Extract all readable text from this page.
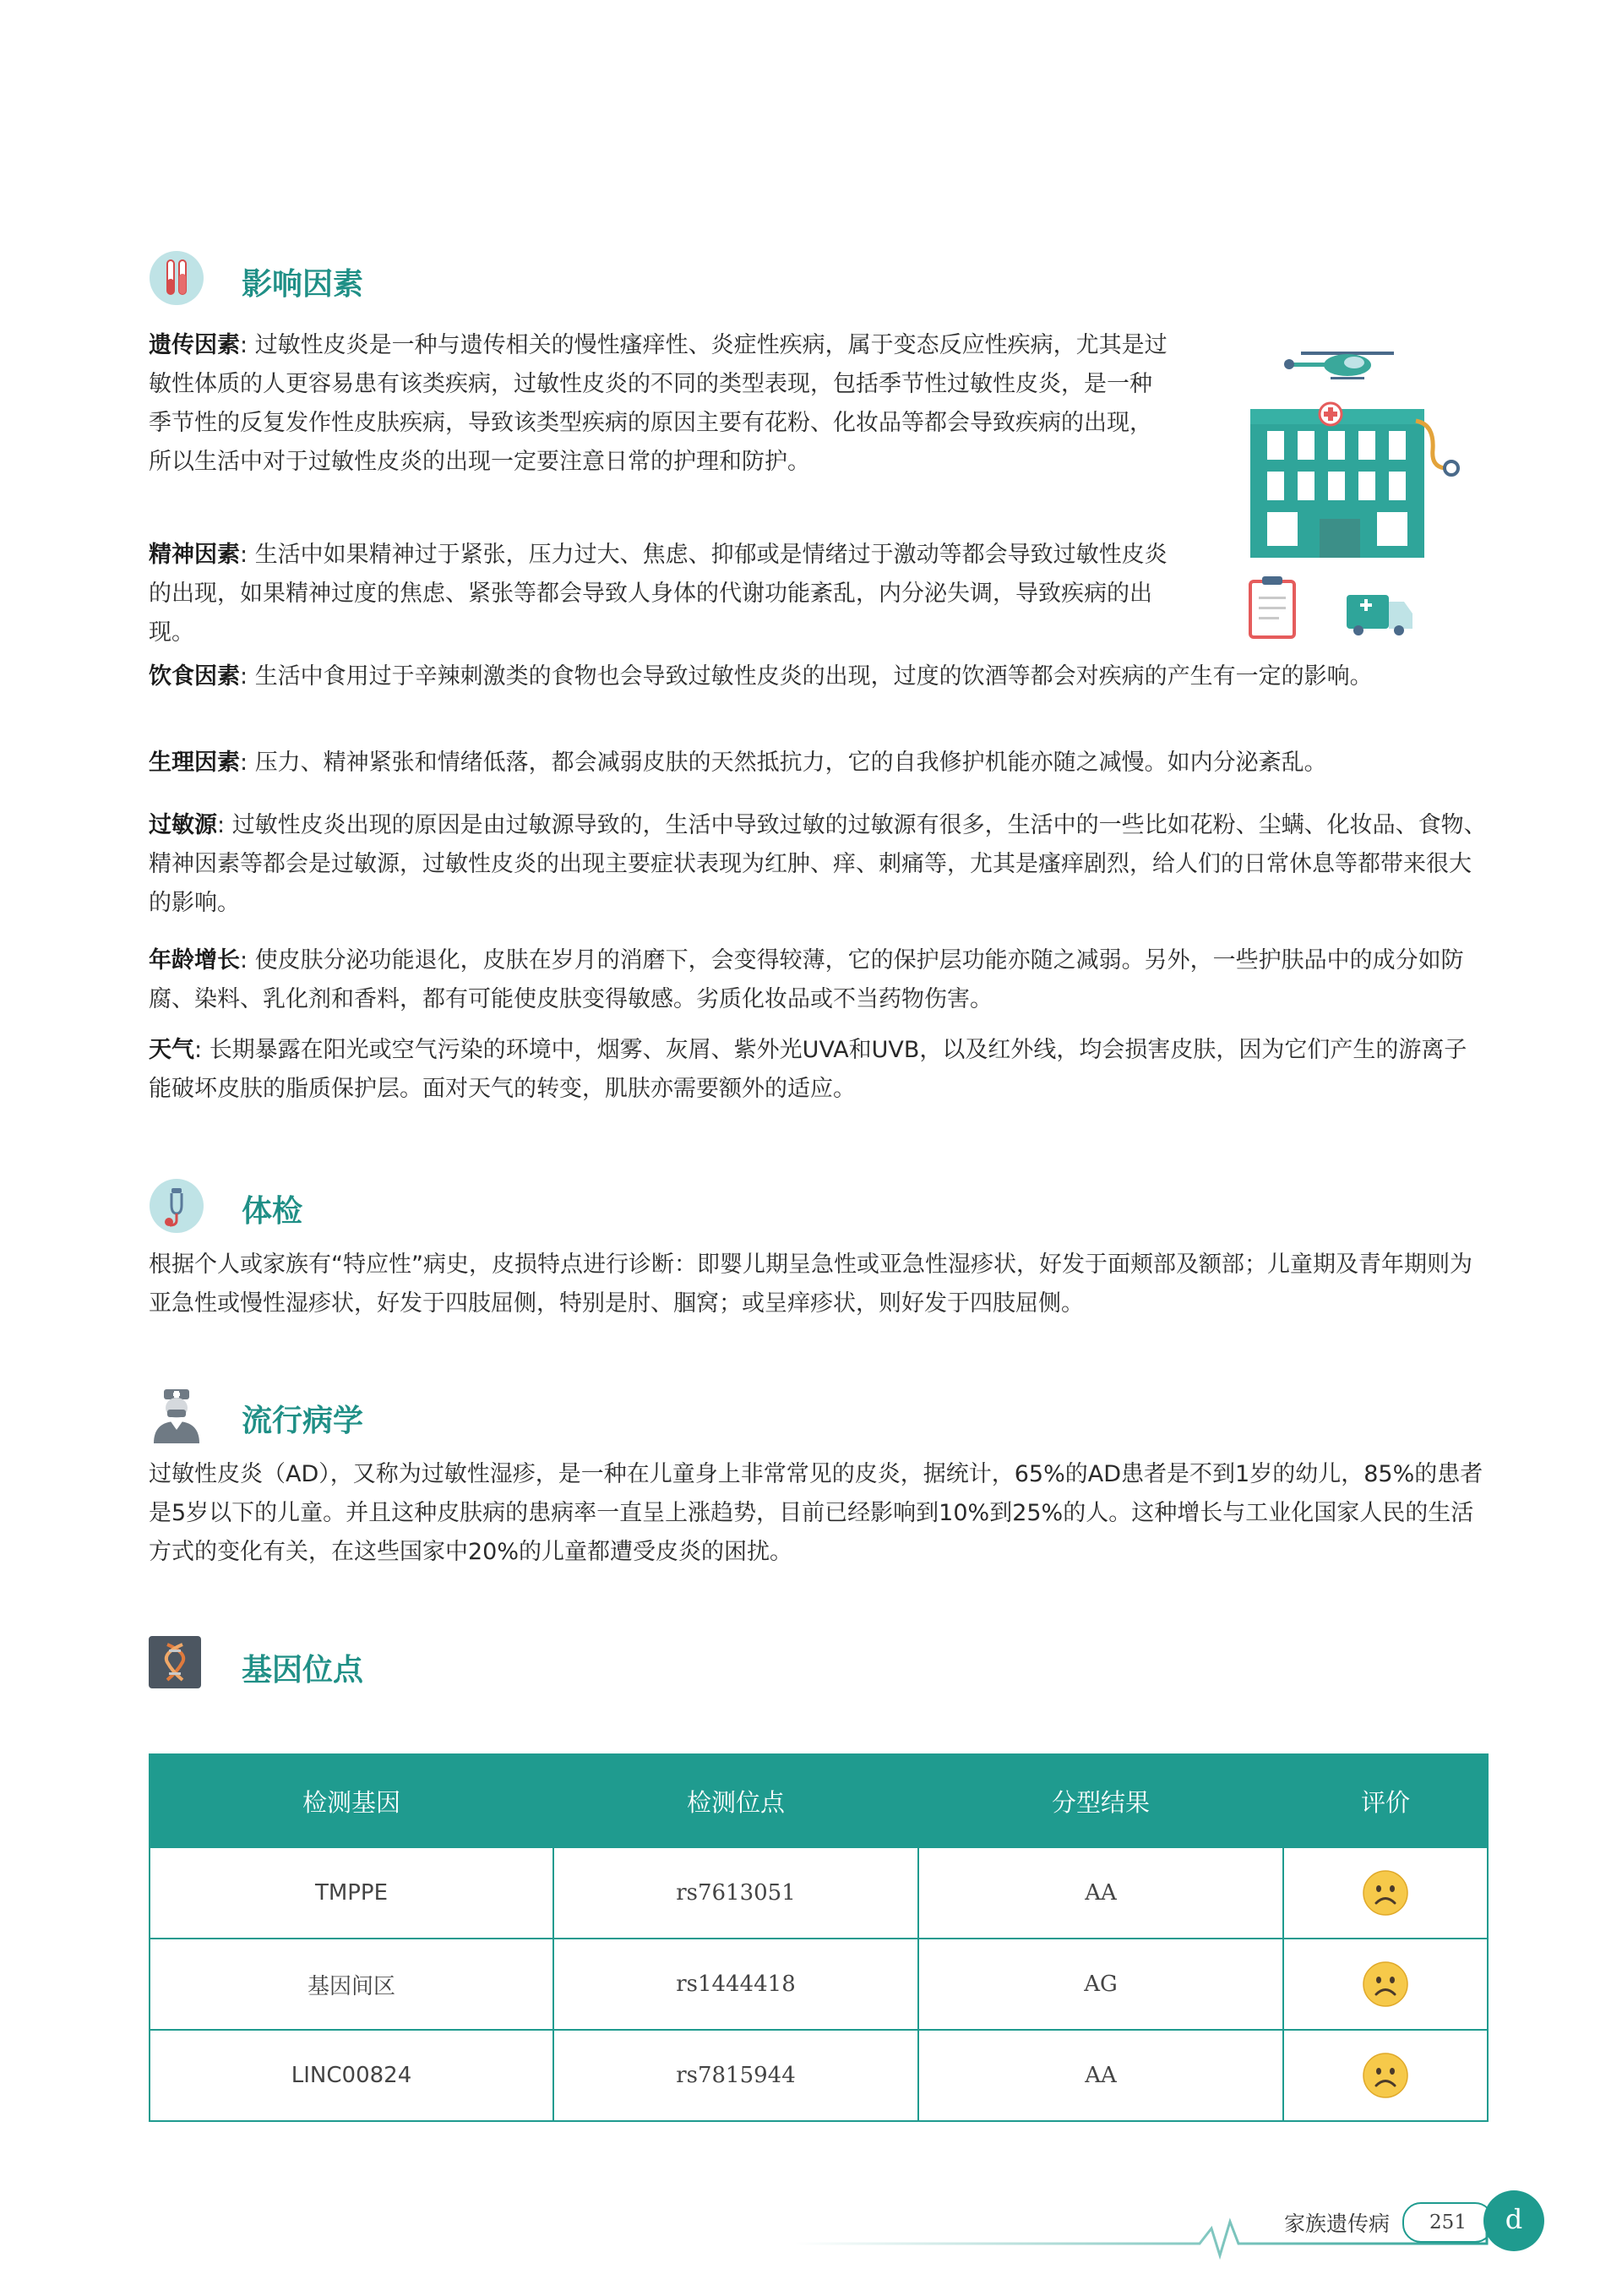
影响因素

遗传因素: 过敏性皮炎是一种与遗传相关的慢性瘙痒性、炎症性疾病，属于变态反应性疾病，尤其是过敏性体质的人更容易患有该类疾病，过敏性皮炎的不同的类型表现，包括季节性过敏性皮炎，是一种季节性的反复发作性皮肤疾病，导致该类型疾病的原因主要有花粉、化妆品等都会导致疾病的出现，所以生活中对于过敏性皮炎的出现一定要注意日常的护理和防护。

精神因素: 生活中如果精神过于紧张，压力过大、焦虑、抑郁或是情绪过于激动等都会导致过敏性皮炎的出现，如果精神过度的焦虑、紧张等都会导致人身体的代谢功能紊乱，内分泌失调，导致疾病的出现。

饮食因素: 生活中食用过于辛辣刺激类的食物也会导致过敏性皮炎的出现，过度的饮酒等都会对疾病的产生有一定的影响。

生理因素: 压力、精神紧张和情绪低落，都会减弱皮肤的天然抵抗力，它的自我修护机能亦随之减慢。如内分泌紊乱。

过敏源: 过敏性皮炎出现的原因是由过敏源导致的，生活中导致过敏的过敏源有很多，生活中的一些比如花粉、尘螨、化妆品、食物、精神因素等都会是过敏源，过敏性皮炎的出现主要症状表现为红肿、痒、刺痛等，尤其是瘙痒剧烈，给人们的日常休息等都带来很大的影响。

年龄增长: 使皮肤分泌功能退化，皮肤在岁月的消磨下，会变得较薄，它的保护层功能亦随之减弱。另外，一些护肤品中的成分如防腐、染料、乳化剂和香料，都有可能使皮肤变得敏感。劣质化妆品或不当药物伤害。

天气: 长期暴露在阳光或空气污染的环境中，烟雾、灰屑、紫外光UVA和UVB，以及红外线，均会损害皮肤，因为它们产生的游离子能破坏皮肤的脂质保护层。面对天气的转变，肌肤亦需要额外的适应。

体检

根据个人或家族有“特应性”病史，皮损特点进行诊断：即婴儿期呈急性或亚急性湿疹状，好发于面颊部及额部；儿童期及青年期则为亚急性或慢性湿疹状，好发于四肢屈侧，特别是肘、腘窝；或呈痒疹状，则好发于四肢屈侧。

流行病学

过敏性皮炎（AD），又称为过敏性湿疹，是一种在儿童身上非常常见的皮炎，据统计，65%的AD患者是不到1岁的幼儿，85%的患者是5岁以下的儿童。并且这种皮肤病的患病率一直呈上涨趋势，目前已经影响到10%到25%的人。这种增长与工业化国家人民的生活方式的变化有关，在这些国家中20%的儿童都遭受皮炎的困扰。

基因位点
检测基因	检测位点	分型结果	评价
TMPPE	rs7613051	AA	
基因间区	rs1444418	AG	
LINC00824	rs7815944	AA	
家族遗传病	251	d
